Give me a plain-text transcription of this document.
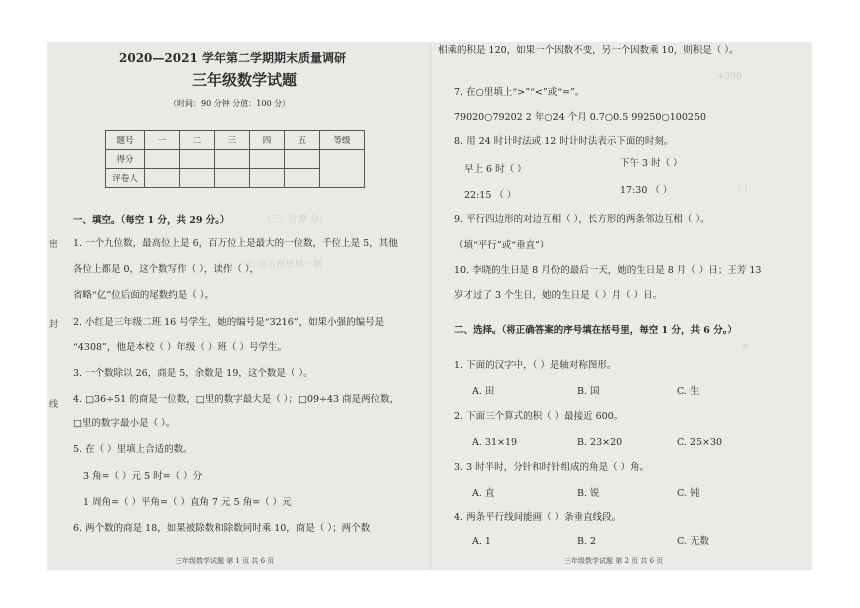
2020—2021 学年第二学期期末质量调研
三年级数学试题
（时间：90 分钟 分值：100 分）
题号	一	二	三	四	五	等级
得分						
评卷人						
密
封
线
（三、计算 分）
1. 在方框里填一填
一、填空。（每空 1 分，共 29 分。）
1. 一个九位数，最高位上是 6，百万位上是最大的一位数，千位上是 5，其他
各位上都是 0，这个数写作（ ），读作（ ），
省略“亿”位后面的尾数约是（ ）。
2. 小红是三年级二班 16 号学生，她的编号是“3216”，如果小强的编号是
“4308”，他是本校（ ）年级（ ）班（ ）号学生。
3. 一个数除以 26，商是 5，余数是 19，这个数是（ ）。
4. □36÷51 的商是一位数，□里的数字最大是（ ）；□09÷43 商是两位数，
□里的数字最小是（ ）。
5. 在（ ）里填上合适的数。
3 角=（ ）元 5 时=（ ）分
1 周角=（ ）平角=（ ）直角 7 元 5 角=（ ）元
6. 两个数的商是 18，如果被除数和除数同时乘 10，商是（ ）；两个数
三年级数学试题 第 1 页 共 6 页
+390
（ ）
=
相乘的积是 120，如果一个因数不变，另一个因数乘 10，则积是（ ）。
7. 在○里填上“>”“<”或“=”。
79020○79202 2 年○24 个月 0.7○0.5 99250○100250
8. 用 24 时计时法或 12 时计时法表示下面的时刻。
早上 6 时（ ）
下午 3 时（ ）
22:15 （ ）	17:30 （ ）
9. 平行四边形的对边互相（ ），长方形的两条邻边互相（ ）。
（填“平行”或“垂直”）
10. 李晓的生日是 8 月份的最后一天，她的生日是 8 月（ ）日；王芳 13
岁才过了 3 个生日，她的生日是（ ）月（ ）日。
二、选择。（将正确答案的序号填在括号里，每空 1 分，共 6 分。）
1. 下面的汉字中，（ ）是轴对称图形。
A. 田	B. 国	C. 生
2. 下面三个算式的积（ ）最接近 600。
A. 31×19	B. 23×20	C. 25×30
3. 3 时半时，分针和时针组成的角是（ ）角。
A. 直	B. 锐	C. 钝
4. 两条平行线间能画（ ）条垂直线段。
A. 1	B. 2	C. 无数
三年级数学试题 第 2 页 共 6 页
